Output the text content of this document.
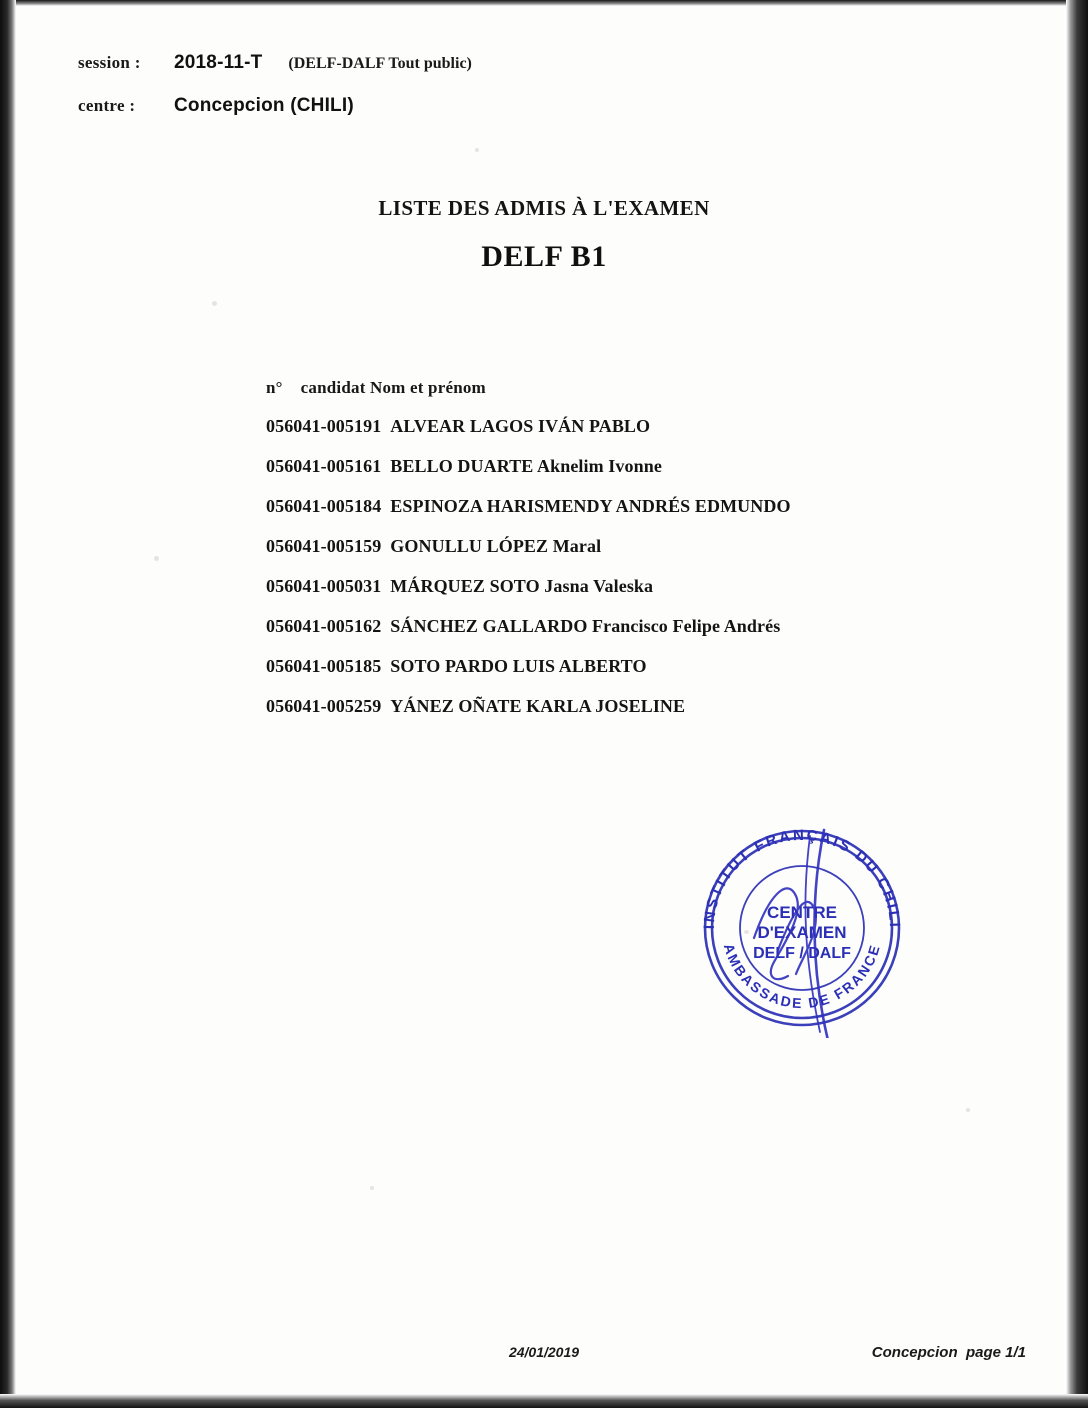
session :	2018-11-T (DELF-DALF Tout public)
centre :	Concepcion (CHILI)
LISTE DES ADMIS À L'EXAMEN
DELF B1
n° candidat Nom et prénom
056041-005191 ALVEAR LAGOS IVÁN PABLO
056041-005161 BELLO DUARTE Aknelim Ivonne
056041-005184 ESPINOZA HARISMENDY ANDRÉS EDMUNDO
056041-005159 GONULLU LÓPEZ Maral
056041-005031 MÁRQUEZ SOTO Jasna Valeska
056041-005162 SÁNCHEZ GALLARDO Francisco Felipe Andrés
056041-005185 SOTO PARDO LUIS ALBERTO
056041-005259 YÁNEZ OÑATE KARLA JOSELINE
INSTITUT FRANÇAIS DU CHILI
AMBASSADE DE FRANCE
CENTRE
D'EXAMEN
DELF / DALF
24/01/2019	Concepcion page 1/1
